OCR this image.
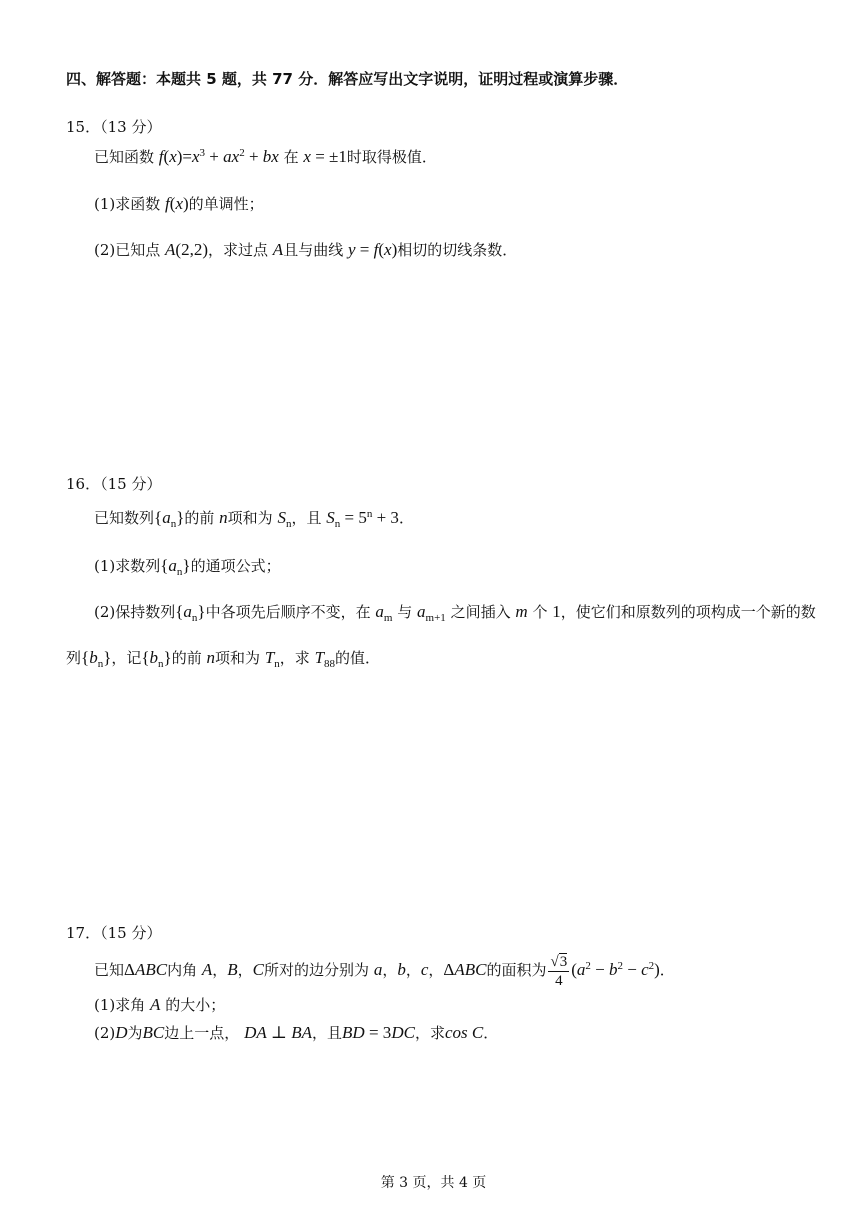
四、解答题：本题共 5 题，共 77 分．解答应写出文字说明，证明过程或演算步骤．
15．（13 分）
已知函数 $f(x)=x^3 + ax^2$ + bx 在 x = ±1时取得极值．
(1)求函数 f(x)的单调性；
(2)已知点 A(2,2)，求过点 A且与曲线 y = f(x)相切的切线条数．
16．（15 分）
已知数列$\{a_n\}$的前 n项和为 $S_n$，且 $S_n = 5^n + 3$．
(1)求数列$\{a_n\}$的通项公式；
(2)保持数列$\{a_n\}$中各项先后顺序不变，在 $a_m$ 与 $a_{m+1}$ 之间插入 m 个 1，使它们和原数列的项构成一个新的数
列$\{b_n\}$，记$\{b_n\}$的前 n项和为 $T_n$，求 $T_{88}$的值．
17．（15 分）
已知ΔABC内角 A，B，C所对的边分别为 a，b，c，ΔABC的面积为 $\frac{√3}{4} (a^2 - b^2 - c^2)$．
(1)求角 A 的大小；
(2)D为BC边上一点， DA ⊥ BA，且BD = 3DC，求cos C．
第 3 页，共 4 页
